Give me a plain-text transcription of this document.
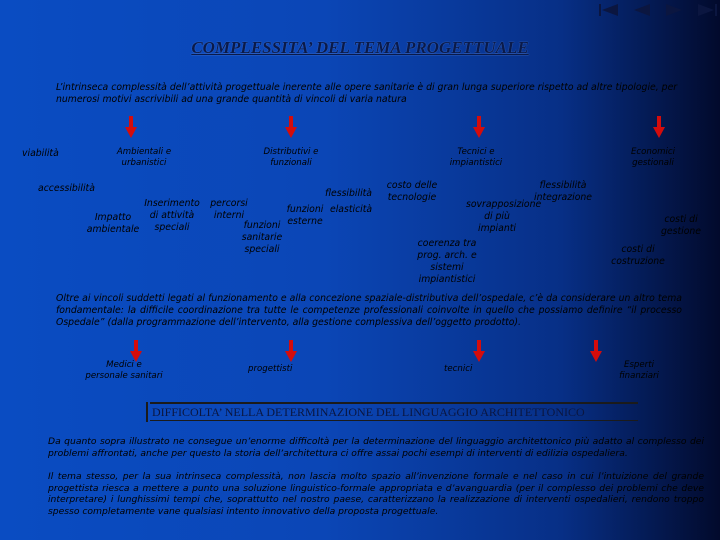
COMPLESSITA’ DEL TEMA PROGETTUALE
L’intrinseca complessità dell’attività progettuale inerente alle opere sanitarie è di gran lunga superiore rispetto ad altre tipologie, per numerosi motivi ascrivibili ad una grande quantità di vincoli di varia natura
viabilità	Ambientali e urbanistici
Distributivi e funzionali
Tecnici e impiantistici
Economici gestionali
accessibilità
Impatto ambientale
Inserimento di attività speciali
percorsi interni
funzioni sanitarie speciali
flessibilità
funzioni esterne
elasticità
costo delle tecnologie
sovrapposizione di più impianti
coerenza tra prog. arch. e sistemi impiantistici
flessibilità integrazione
costi di gestione
costi di costruzione
Oltre ai vincoli suddetti legati al funzionamento e alla concezione spaziale-distributiva dell’ospedale, c’è da considerare un altro tema fondamentale: la difficile coordinazione tra tutte le competenze professionali coinvolte in quello che possiamo definire “il processo Ospedale” (dalla programmazione dell’intervento, alla gestione complessiva dell’oggetto prodotto).
Medici e personale sanitari
progettisti	tecnici	Esperti finanziari
DIFFICOLTA’ NELLA DETERMINAZIONE DEL LINGUAGGIO ARCHITETTONICO
Da quanto sopra illustrato ne consegue un’enorme difficoltà per la determinazione del linguaggio architettonico più adatto al complesso dei problemi affrontati, anche per questo la storia dell’architettura ci offre assai pochi esempi di interventi di edilizia ospedaliera.
Il tema stesso, per la sua intrinseca complessità, non lascia molto spazio all’invenzione formale e nel caso in cui l’intuizione del grande progettista riesca a mettere a punto una soluzione linguistico-formale appropriata e d’avanguardia (per il complesso dei problemi che deve interpretare) i lunghissimi tempi che, soprattutto nel nostro paese, caratterizzano la realizzazione di interventi ospedalieri, rendono troppo spesso completamente vane qualsiasi intento innovativo della proposta progettuale.
